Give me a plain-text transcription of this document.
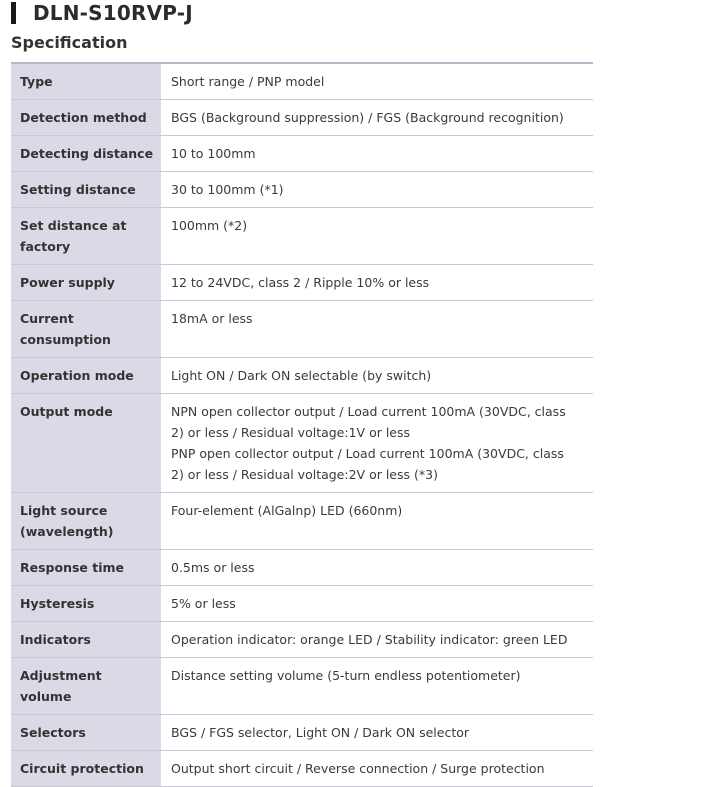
DLN-S10RVP-J
Specification
Type	Short range / PNP model

Detection method	BGS (Background suppression) / FGS (Background recognition)

Detecting distance	10 to 100mm

Setting distance	30 to 100mm (*1)

Set distance at factory	100mm (*2)

Power supply	12 to 24VDC, class 2 / Ripple 10% or less

Current consumption	18mA or less

Operation mode	Light ON / Dark ON selectable (by switch)

Output mode	NPN open collector output / Load current 100mA (30VDC, class 2) or less / Residual voltage:1V or less
PNP open collector output / Load current 100mA (30VDC, class 2) or less / Residual voltage:2V or less (*3)

Light source (wavelength)	Four-element (AlGalnp) LED (660nm)

Response time	0.5ms or less

Hysteresis	5% or less

Indicators	Operation indicator: orange LED / Stability indicator: green LED

Adjustment volume	Distance setting volume (5-turn endless potentiometer)

Selectors	BGS / FGS selector, Light ON / Dark ON selector

Circuit protection	Output short circuit / Reverse connection / Surge protection
